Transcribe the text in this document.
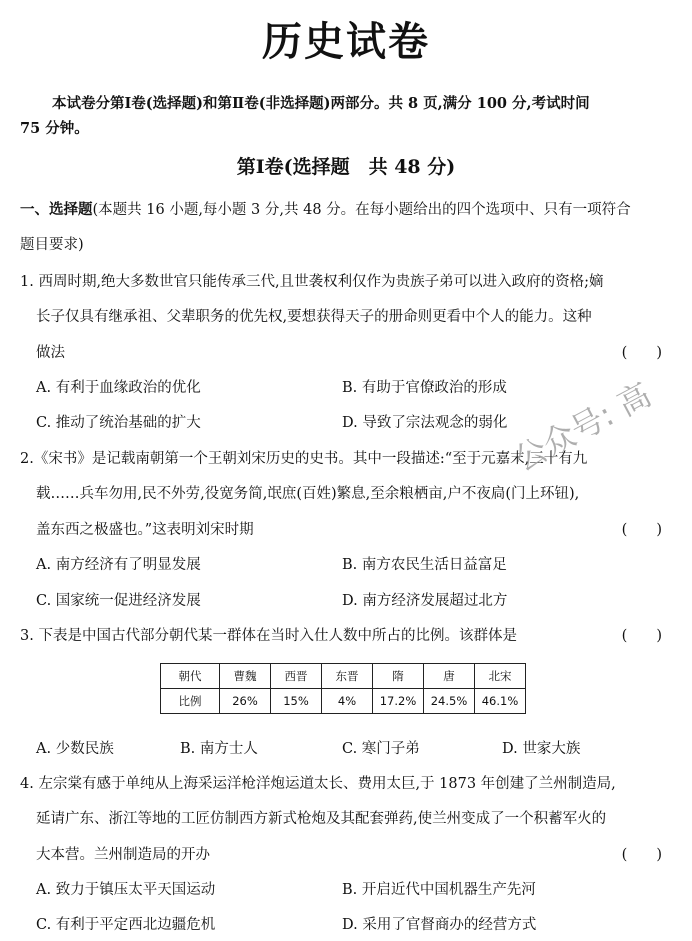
历史试卷
本试卷分第Ⅰ卷(选择题)和第Ⅱ卷(非选择题)两部分。共 8 页,满分 100 分,考试时间
75 分钟。
第Ⅰ卷(选择题　共 48 分)
一、选择题(本题共 16 小题,每小题 3 分,共 48 分。在每小题给出的四个选项中、只有一项符合
题目要求)
1. 西周时期,绝大多数世官只能传承三代,且世袭权利仅作为贵族子弟可以进入政府的资格;嫡
长子仅具有继承祖、父辈职务的优先权,要想获得天子的册命则更看中个人的能力。这种
做法	(　　)
A. 有利于血缘政治的优化	B. 有助于官僚政治的形成
C. 推动了统治基础的扩大	D. 导致了宗法观念的弱化
2.《宋书》是记载南朝第一个王朝刘宋历史的史书。其中一段描述:“至于元嘉末,三十有九
载……兵车勿用,民不外劳,役宽务简,氓庶(百姓)繁息,至余粮栖亩,户不夜扃(门上环钮),
盖东西之极盛也。”这表明刘宋时期	(　　)
A. 南方经济有了明显发展	B. 南方农民生活日益富足
C. 国家统一促进经济发展	D. 南方经济发展超过北方
3. 下表是中国古代部分朝代某一群体在当时入仕人数中所占的比例。该群体是	(　　)
朝代	曹魏	西晋	东晋	隋	唐	北宋
比例	26%	15%	4%	17.2%	24.5%	46.1%
A. 少数民族	B. 南方士人	C. 寒门子弟	D. 世家大族
4. 左宗棠有感于单纯从上海采运洋枪洋炮运道太长、费用太巨,于 1873 年创建了兰州制造局,
延请广东、浙江等地的工匠仿制西方新式枪炮及其配套弹药,使兰州变成了一个积蓄军火的
大本营。兰州制造局的开办	(　　)
A. 致力于镇压太平天国运动	B. 开启近代中国机器生产先河
C. 有利于平定西北边疆危机	D. 采用了官督商办的经营方式
公众号: 高
